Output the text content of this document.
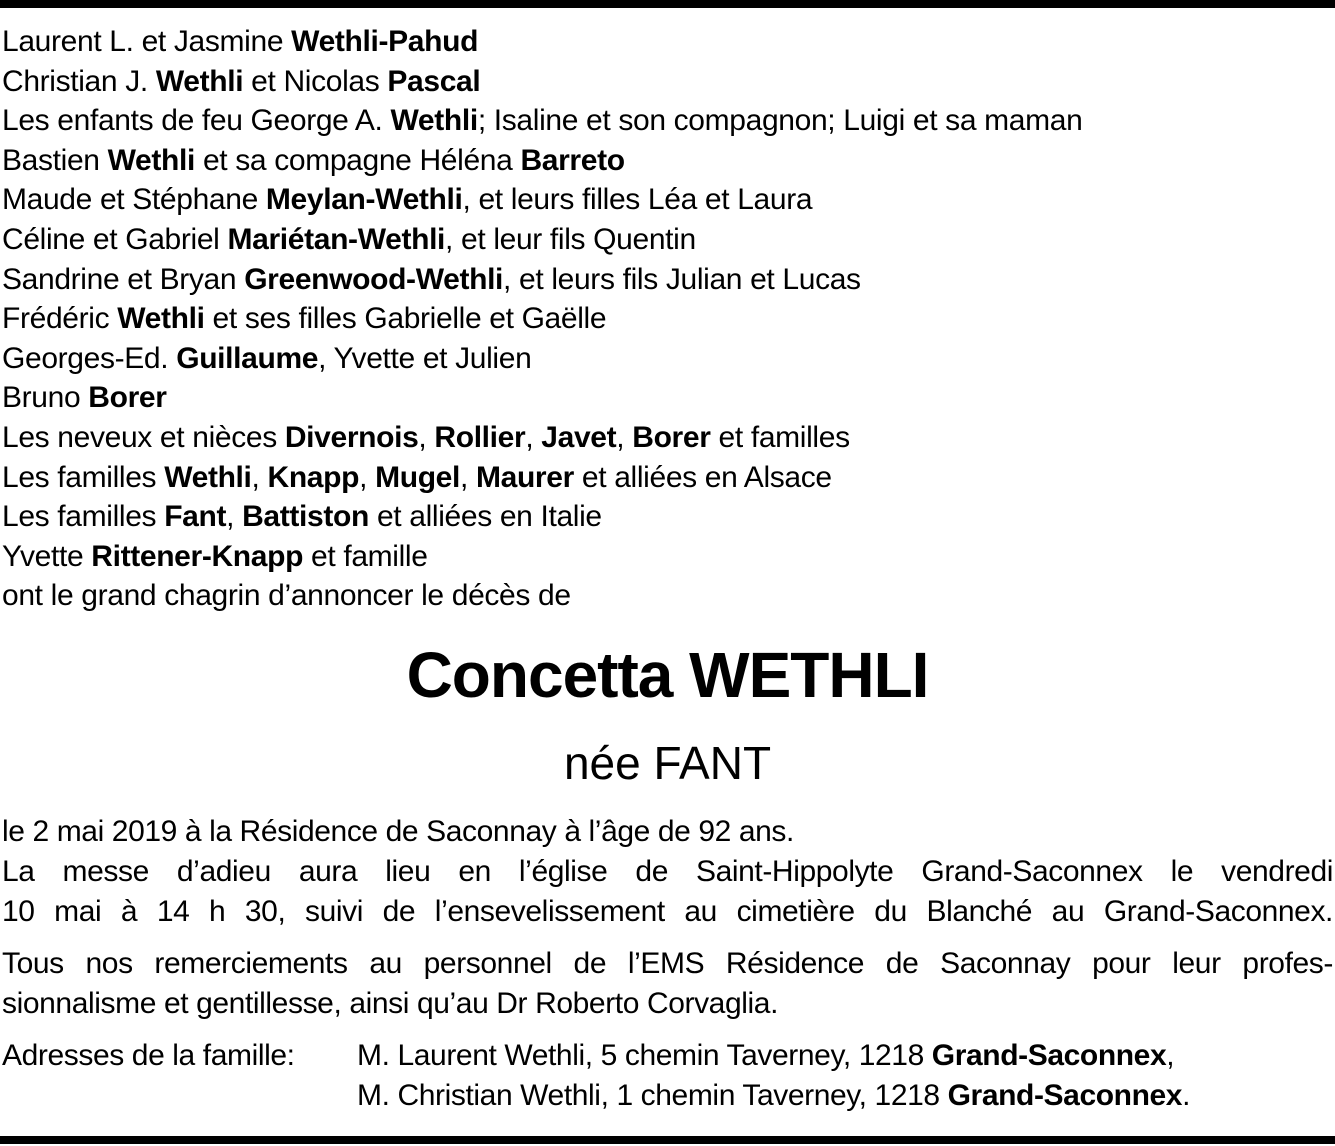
Laurent L. et Jasmine Wethli-Pahud
Christian J. Wethli et Nicolas Pascal
Les enfants de feu George A. Wethli; Isaline et son compagnon; Luigi et sa maman
Bastien Wethli et sa compagne Héléna Barreto
Maude et Stéphane Meylan-Wethli, et leurs filles Léa et Laura
Céline et Gabriel Mariétan-Wethli, et leur fils Quentin
Sandrine et Bryan Greenwood-Wethli, et leurs fils Julian et Lucas
Frédéric Wethli et ses filles Gabrielle et Gaëlle
Georges-Ed. Guillaume, Yvette et Julien
Bruno Borer
Les neveux et nièces Divernois, Rollier, Javet, Borer et familles
Les familles Wethli, Knapp, Mugel, Maurer et alliées en Alsace
Les familles Fant, Battiston et alliées en Italie
Yvette Rittener-Knapp et famille
ont le grand chagrin d’annoncer le décès de
Concetta WETHLI
née FANT
le 2 mai 2019 à la Résidence de Saconnay à l’âge de 92 ans.
La messe d’adieu aura lieu en l’église de Saint-Hippolyte Grand-Saconnex le vendredi
10 mai à 14 h 30, suivi de l’ensevelissement au cimetière du Blanché au Grand-Saconnex.
Tous nos remerciements au personnel de l’EMS Résidence de Saconnay pour leur profes-
sionnalisme et gentillesse, ainsi qu’au Dr Roberto Corvaglia.
Adresses de la famille: M. Laurent Wethli, 5 chemin Taverney, 1218 Grand-Saconnex,
M. Christian Wethli, 1 chemin Taverney, 1218 Grand-Saconnex.
